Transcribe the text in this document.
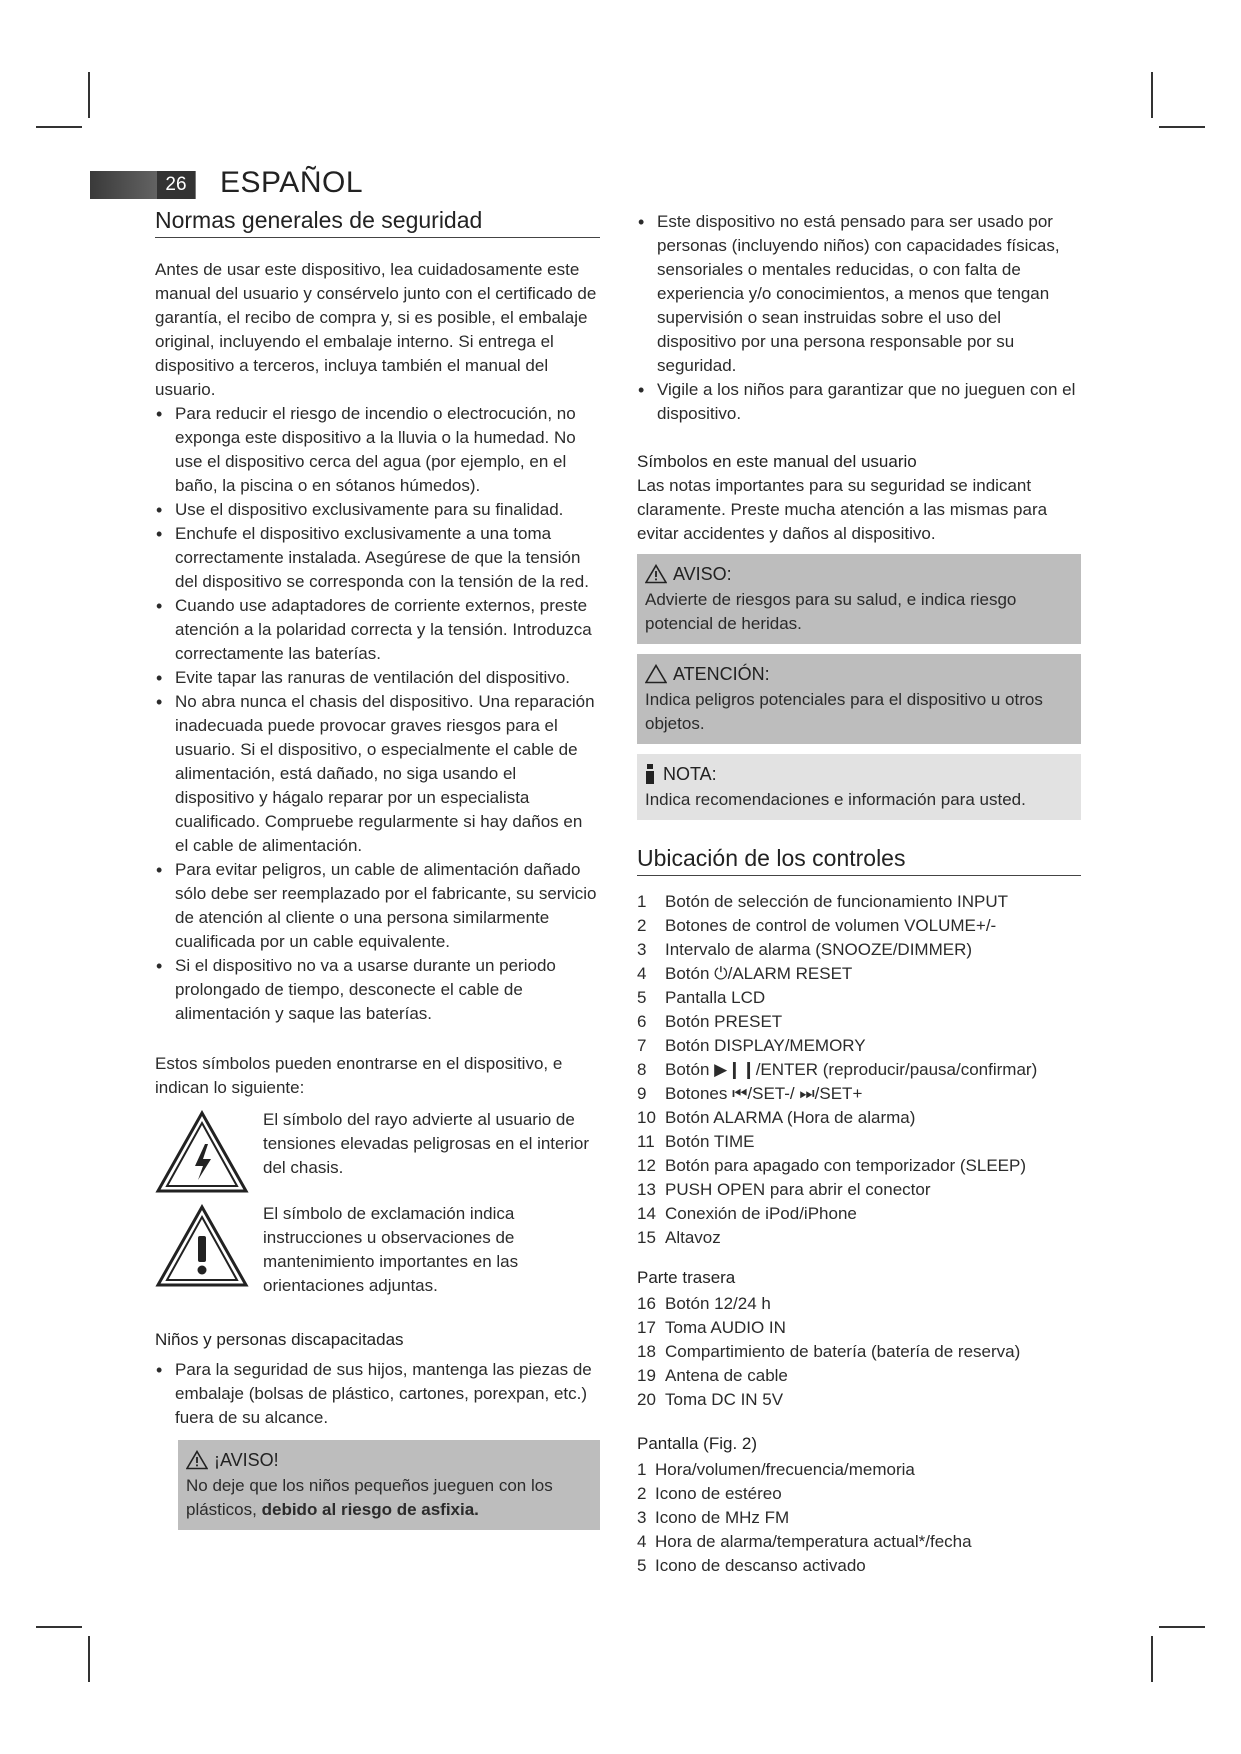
26 ESPAÑOL
Normas generales de seguridad

Antes de usar este dispositivo, lea cuidadosamente este manual del usuario y consérvelo junto con el certificado de garantía, el recibo de compra y, si es posible, el embalaje original, incluyendo el embalaje interno. Si entrega el dispositivo a terceros, incluya también el manual del usuario.

• Para reducir el riesgo de incendio o electrocución, no exponga este dispositivo a la lluvia o la humedad. No use el dispositivo cerca del agua (por ejemplo, en el baño, la piscina o en sótanos húmedos).
• Use el dispositivo exclusivamente para su finalidad.
• Enchufe el dispositivo exclusivamente a una toma correctamente instalada. Asegúrese de que la tensión del dispositivo se corresponda con la tensión de la red.
• Cuando use adaptadores de corriente externos, preste atención a la polaridad correcta y la tensión. Introduzca correctamente las baterías.
• Evite tapar las ranuras de ventilación del dispositivo.
• No abra nunca el chasis del dispositivo. Una reparación inadecuada puede provocar graves riesgos para el usuario. Si el dispositivo, o especialmente el cable de alimentación, está dañado, no siga usando el dispositivo y hágalo reparar por un especialista cualificado. Compruebe regularmente si hay daños en el cable de alimentación.
• Para evitar peligros, un cable de alimentación dañado sólo debe ser reemplazado por el fabricante, su servicio de atención al cliente o una persona similarmente cualificada por un cable equivalente.
• Si el dispositivo no va a usarse durante un periodo prolongado de tiempo, desconecte el cable de alimentación y saque las baterías.

Estos símbolos pueden enontrarse en el dispositivo, e indican lo siguiente:

El símbolo del rayo advierte al usuario de tensiones elevadas peligrosas en el interior del chasis.

El símbolo de exclamación indica instrucciones u observaciones de mantenimiento importantes en las orientaciones adjuntas.

Niños y personas discapacitadas
• Para la seguridad de sus hijos, mantenga las piezas de embalaje (bolsas de plástico, cartones, porexpan, etc.) fuera de su alcance.
¡AVISO!

No deje que los niños pequeños jueguen con los plásticos, debido al riesgo de asfixia.

• Este dispositivo no está pensado para ser usado por personas (incluyendo niños) con capacidades físicas, sensoriales o mentales reducidas, o con falta de experiencia y/o conocimientos, a menos que tengan supervisión o sean instruidas sobre el uso del dispositivo por una persona responsable por su seguridad.
• Vigile a los niños para garantizar que no jueguen con el dispositivo.
Símbolos en este manual del usuario

Las notas importantes para su seguridad se indicant claramente. Preste mucha atención a las mismas para evitar accidentes y daños al dispositivo.

AVISO:

Advierte de riesgos para su salud, e indica riesgo potencial de heridas.

ATENCIÓN:

Indica peligros potenciales para el dispositivo u otros objetos.

NOTA:

Indica recomendaciones e información para usted.

Ubicación de los controles
1 Botón de selección de funcionamiento INPUT
2 Botones de control de volumen VOLUME+/-
3 Intervalo de alarma (SNOOZE/DIMMER)
4 Botón ⏻/ALARM RESET
5 Pantalla LCD
6 Botón PRESET
7 Botón DISPLAY/MEMORY
8 Botón ▶❙❙/ENTER (reproducir/pausa/confirmar)
9 Botones ⏮/SET-/ ⏭/SET+
10 Botón ALARMA (Hora de alarma)
11 Botón TIME
12 Botón para apagado con temporizador (SLEEP)
13 PUSH OPEN para abrir el conector
14 Conexión de iPod/iPhone
15 Altavoz
Parte trasera
16 Botón 12/24 h
17 Toma AUDIO IN
18 Compartimiento de batería (batería de reserva)
19 Antena de cable
20 Toma DC IN 5V
Pantalla (Fig. 2)
1 Hora/volumen/frecuencia/memoria
2 Icono de estéreo
3 Icono de MHz FM
4 Hora de alarma/temperatura actual*/fecha
5 Icono de descanso activado
